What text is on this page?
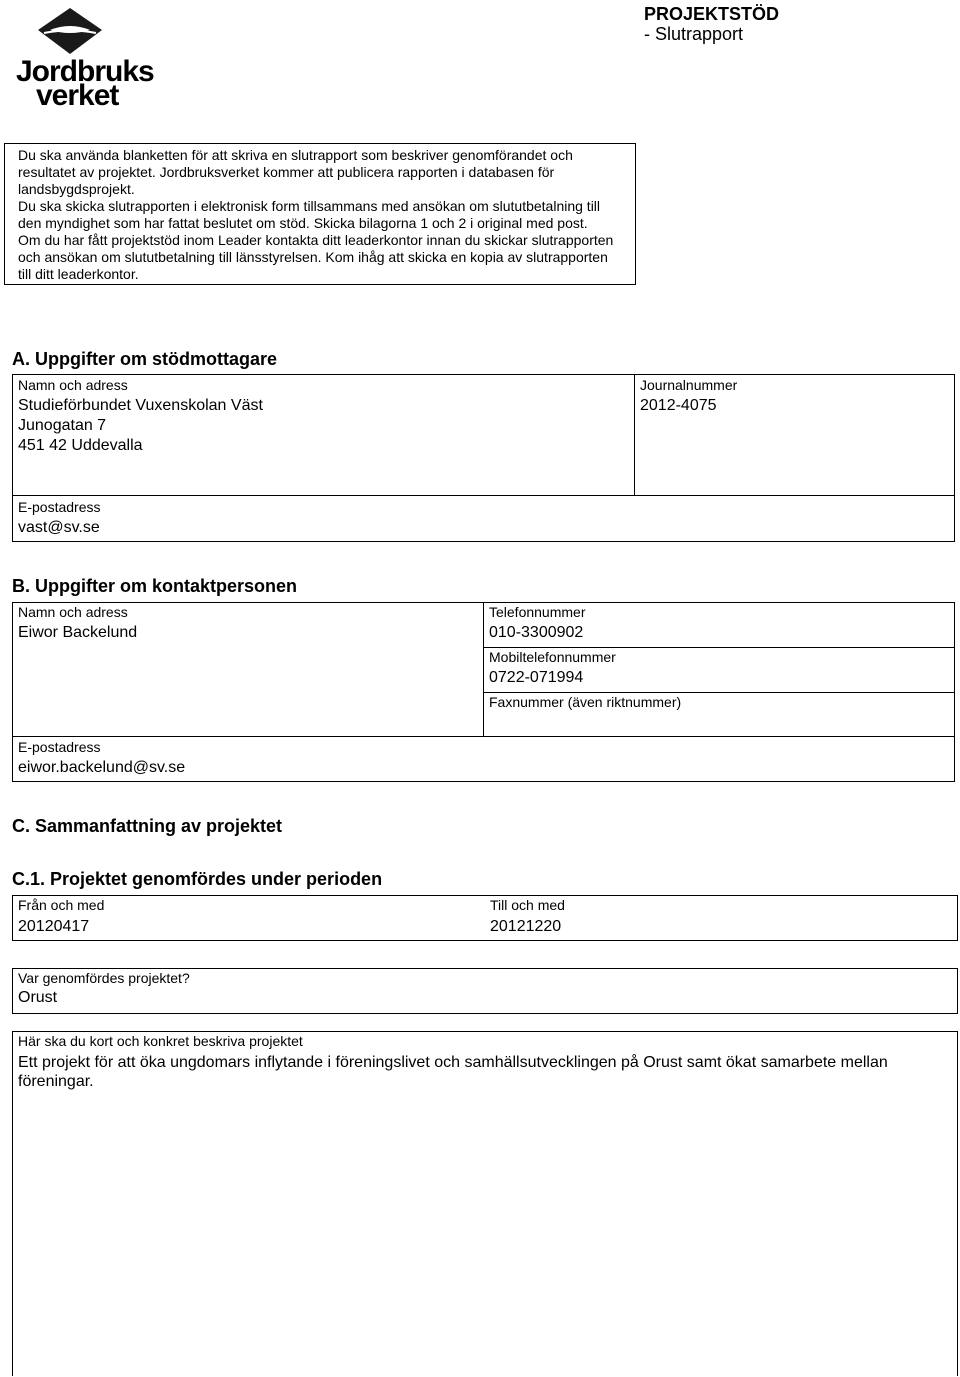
Jordbruks
verket
PROJEKTSTÖD
- Slutrapport

Du ska använda blanketten för att skriva en slutrapport som beskriver genomförandet och resultatet av projektet. Jordbruksverket kommer att publicera rapporten i databasen för landsbygdsprojekt.

Du ska skicka slutrapporten i elektronisk form tillsammans med ansökan om slututbetalning till den myndighet som har fattat beslutet om stöd. Skicka bilagorna 1 och 2 i original med post.

Om du har fått projektstöd inom Leader kontakta ditt leaderkontor innan du skickar slutrapporten och ansökan om slututbetalning till länsstyrelsen. Kom ihåg att skicka en kopia av slutrapporten till ditt leaderkontor.

A. Uppgifter om stödmottagare
Namn och adress
Studieförbundet Vuxenskolan Väst
Junogatan 7
451 42 Uddevalla
Journalnummer
2012-4075
E-postadress
vast@sv.se
B. Uppgifter om kontaktpersonen
Namn och adress
Eiwor Backelund
Telefonnummer
010-3300902
Mobiltelefonnummer
0722-071994
Faxnummer (även riktnummer)
E-postadress
eiwor.backelund@sv.se
C. Sammanfattning av projektet
C.1. Projektet genomfördes under perioden
Från och med
20120417
Till och med
20121220
Var genomfördes projektet?
Orust
Här ska du kort och konkret beskriva projektet
Ett projekt för att öka ungdomars inflytande i föreningslivet och samhällsutvecklingen på Orust samt ökat samarbete mellan föreningar.
